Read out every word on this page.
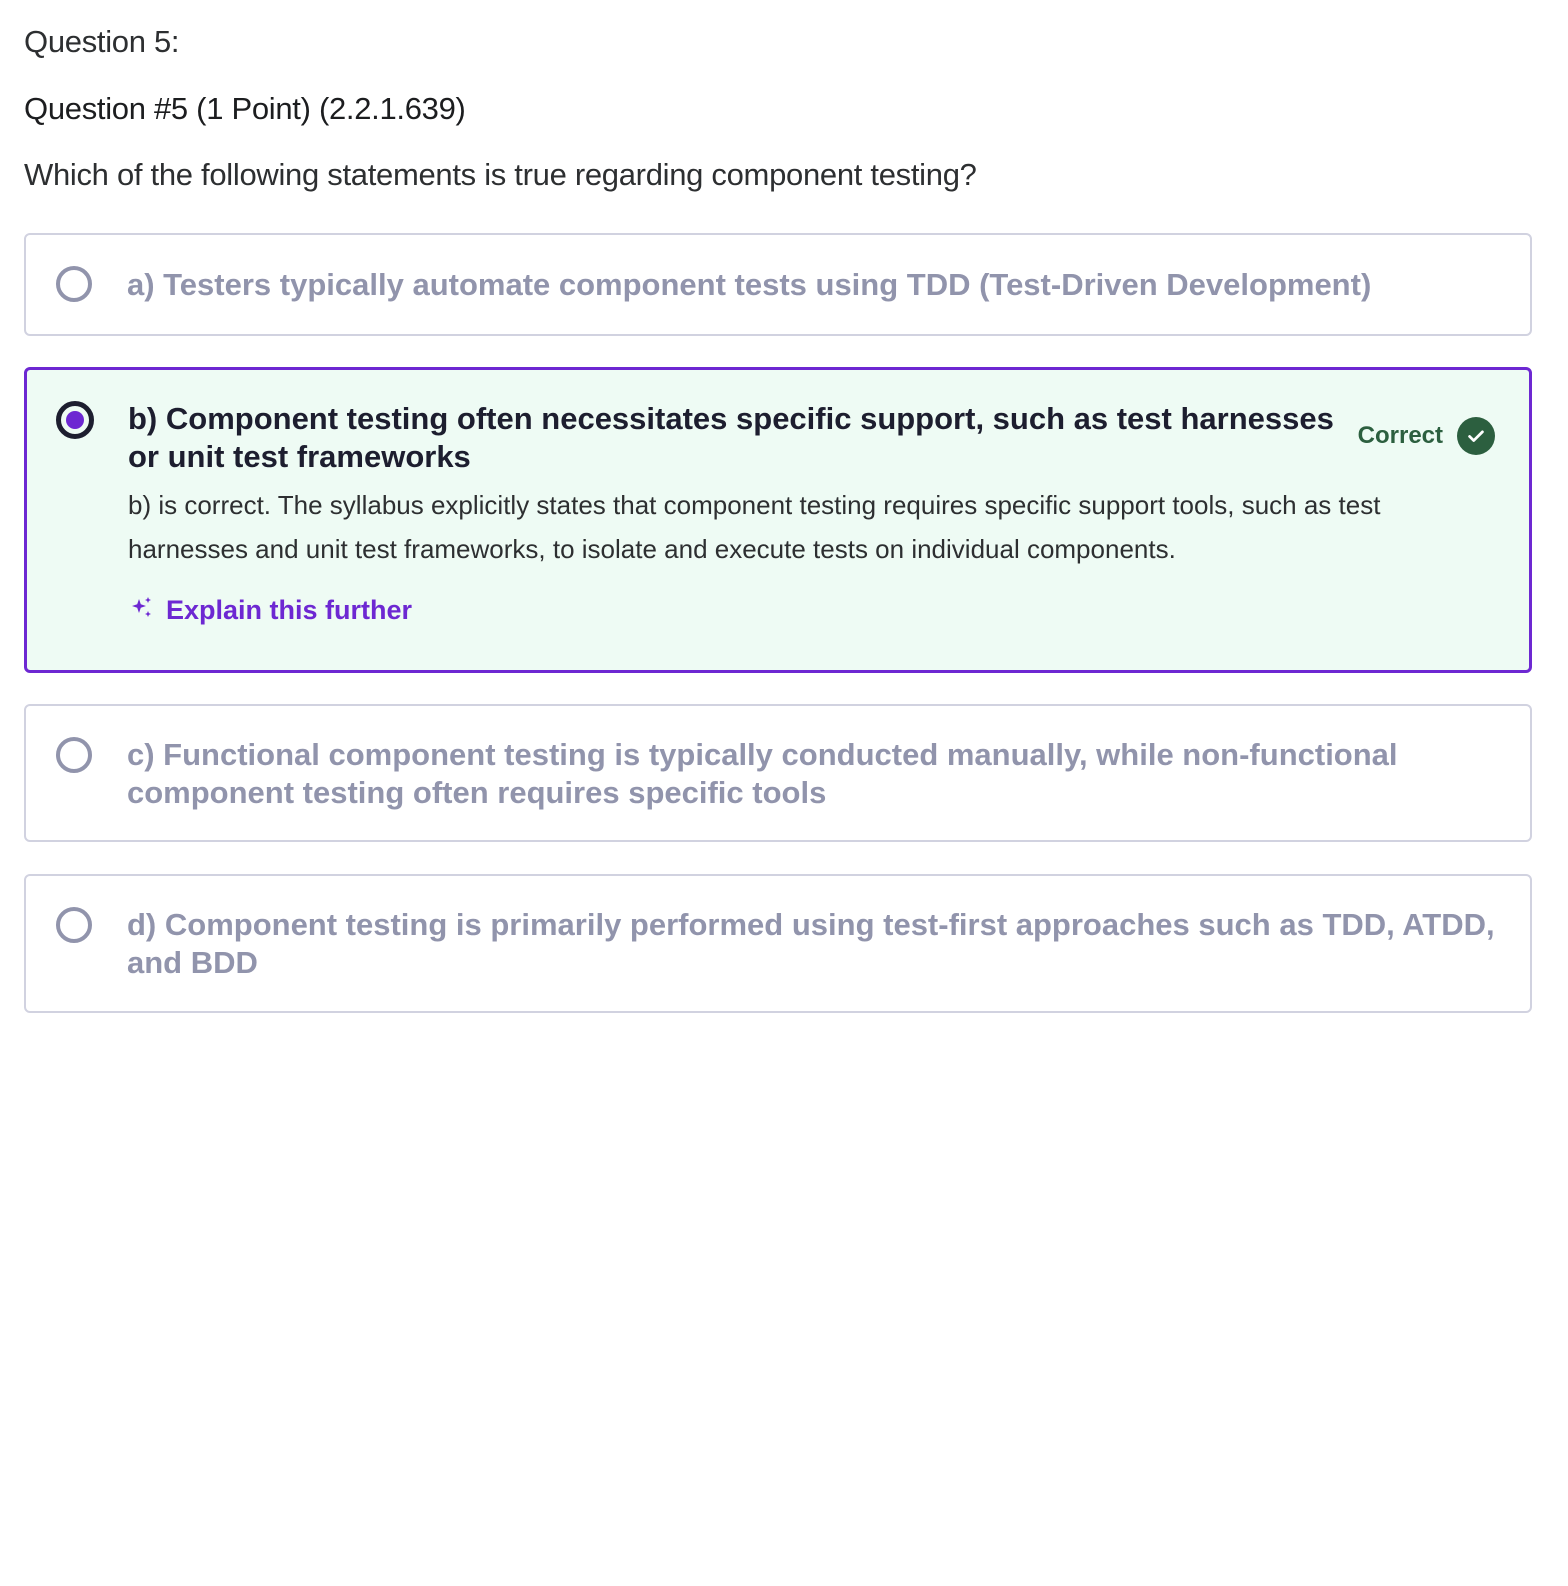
Question 5:
Question #5 (1 Point) (2.2.1.639)
Which of the following statements is true regarding component testing?
a) Testers typically automate component tests using TDD (Test-Driven Development)
b) Component testing often necessitates specific support, such as test harnesses or unit test frameworks
Correct
b) is correct. The syllabus explicitly states that component testing requires specific support tools, such as test harnesses and unit test frameworks, to isolate and execute tests on individual components.
Explain this further
c) Functional component testing is typically conducted manually, while non-functional component testing often requires specific tools
d) Component testing is primarily performed using test-first approaches such as TDD, ATDD, and BDD
